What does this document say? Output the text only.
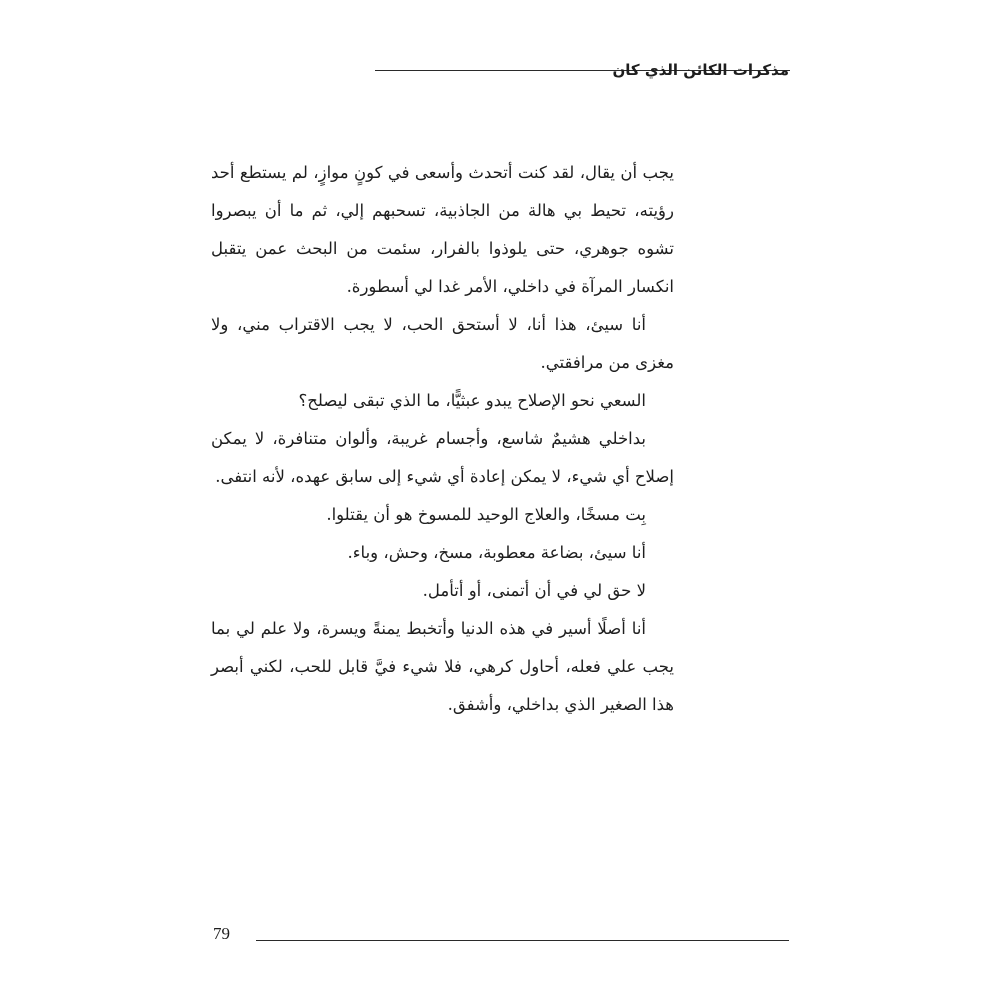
مذكرات الكائن الذي كان

يجب أن يقال، لقد كنت أتحدث وأسعى في كونٍ موازٍ، لم يستطع أحد رؤيته، تحيط بي هالة من الجاذبية، تسحبهم إلي، ثم ما أن يبصروا تشوه جوهري، حتى يلوذوا بالفرار، سئمت من البحث عمن يتقبل انكسار المرآة في داخلي، الأمر غدا لي أسطورة.

أنا سيئ، هذا أنا، لا أستحق الحب، لا يجب الاقتراب مني، ولا مغزى من مرافقتي.

السعي نحو الإصلاح يبدو عبثيًّا، ما الذي تبقى ليصلح؟

بداخلي هشيمٌ شاسع، وأجسام غريبة، وألوان متنافرة، لا يمكن إصلاح أي شيء، لا يمكن إعادة أي شيء إلى سابق عهده، لأنه انتفى.

بِت مسخًا، والعلاج الوحيد للمسوخ هو أن يقتلوا.

أنا سيئ، بضاعة معطوبة، مسخ، وحش، وباء.

لا حق لي في أن أتمنى، أو أتأمل.

أنا أصلًا أسير في هذه الدنيا وأتخبط يمنةً ويسرة، ولا علم لي بما يجب علي فعله، أحاول كرهي، فلا شيء فيَّ قابل للحب، لكني أبصر هذا الصغير الذي بداخلي، وأشفق.

79
